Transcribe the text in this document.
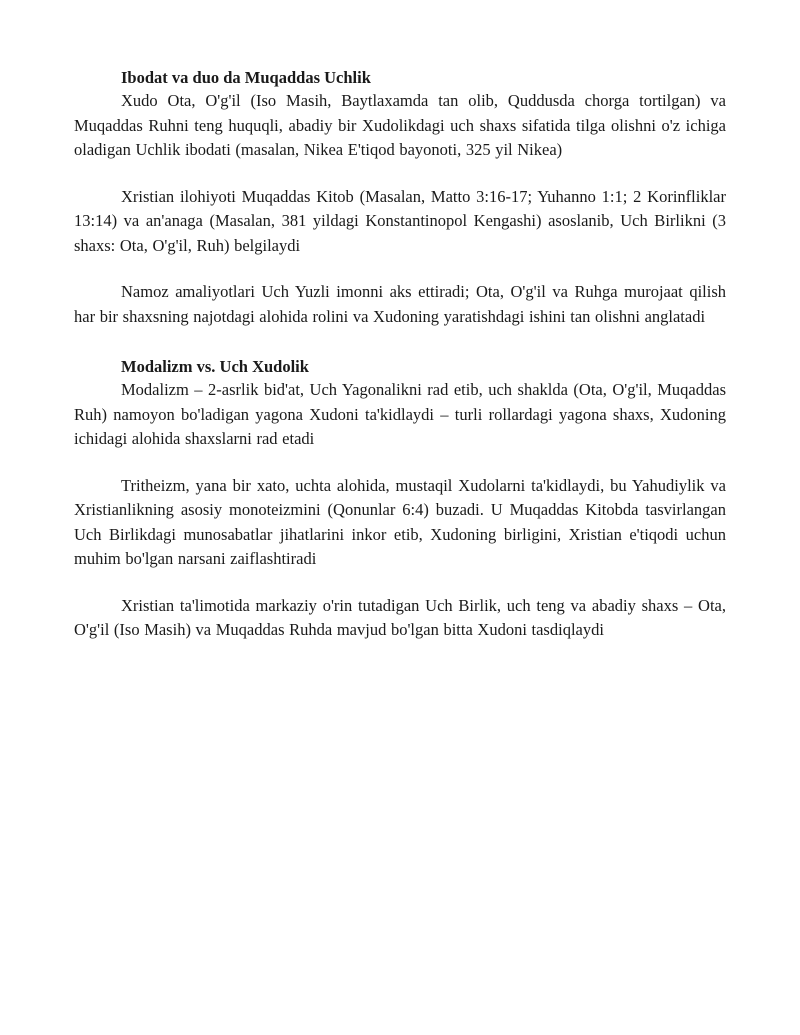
Ibodat va duo da Muqaddas Uchlik

Xudo Ota, O'g'il (Iso Masih, Baytlaxamda tan olib, Quddusda chorga tortilgan) va Muqaddas Ruhni teng huquqli, abadiy bir Xudolikdagi uch shaxs sifatida tilga olishni o'z ichiga oladigan Uchlik ibodati (masalan, Nikea E'tiqod bayonoti, 325 yil Nikea)

Xristian ilohiyoti Muqaddas Kitob (Masalan, Matto 3:16-17; Yuhanno 1:1; 2 Korinfliklar 13:14) va an'anaga (Masalan, 381 yildagi Konstantinopol Kengashi) asoslanib, Uch Birlikni (3 shaxs: Ota, O'g'il, Ruh) belgilaydi

Namoz amaliyotlari Uch Yuzli imonni aks ettiradi; Ota, O'g'il va Ruhga murojaat qilish har bir shaxsning najotdagi alohida rolini va Xudoning yaratishdagi ishini tan olishni anglatadi

Modalizm vs. Uch Xudolik

Modalizm – 2-asrlik bid'at, Uch Yagonalikni rad etib, uch shaklda (Ota, O'g'il, Muqaddas Ruh) namoyon bo'ladigan yagona Xudoni ta'kidlaydi – turli rollardagi yagona shaxs, Xudoning ichidagi alohida shaxslarni rad etadi

Tritheizm, yana bir xato, uchta alohida, mustaqil Xudolarni ta'kidlaydi, bu Yahudiylik va Xristianlikning asosiy monoteizmini (Qonunlar 6:4) buzadi. U Muqaddas Kitobda tasvirlangan Uch Birlikdagi munosabatlar jihatlarini inkor etib, Xudoning birligini, Xristian e'tiqodi uchun muhim bo'lgan narsani zaiflashtiradi

Xristian ta'limotida markaziy o'rin tutadigan Uch Birlik, uch teng va abadiy shaxs – Ota, O'g'il (Iso Masih) va Muqaddas Ruhda mavjud bo'lgan bitta Xudoni tasdiqlaydi
